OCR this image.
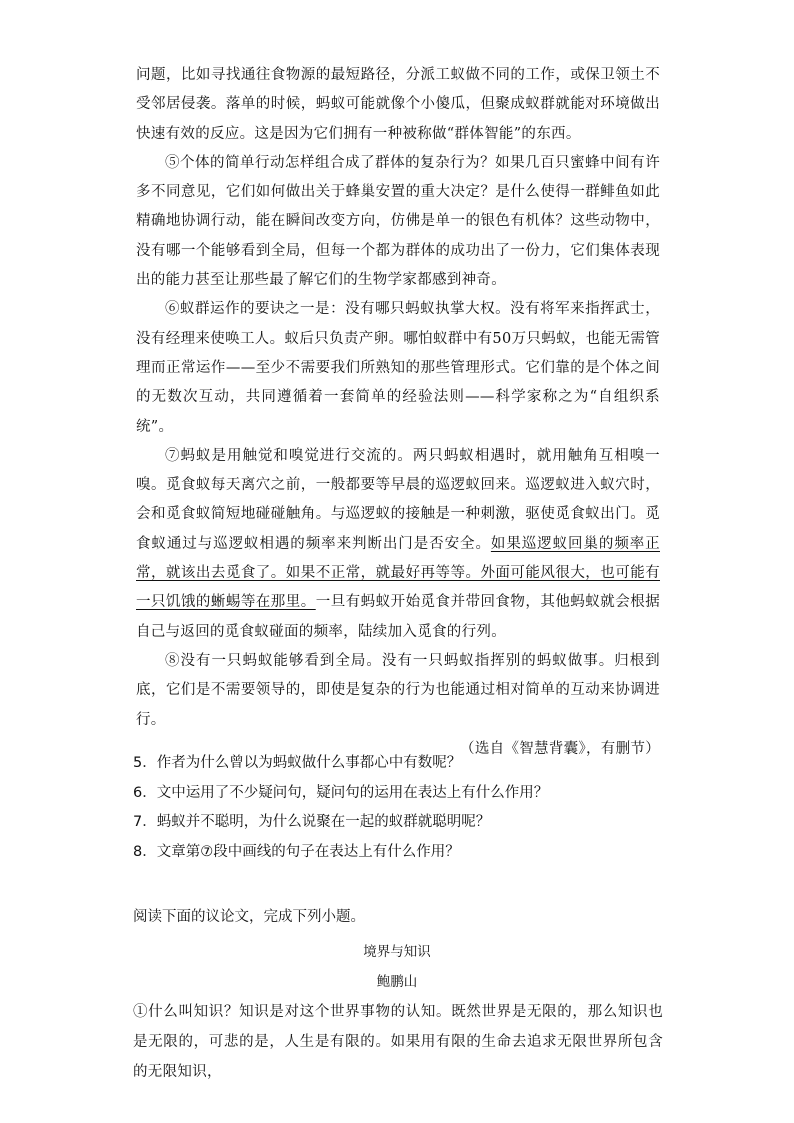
问题，比如寻找通往食物源的最短路径，分派工蚁做不同的工作，或保卫领土不受邻居侵袭。落单的时候，蚂蚁可能就像个小傻瓜，但聚成蚁群就能对环境做出快速有效的反应。这是因为它们拥有一种被称做“群体智能”的东西。

⑤个体的简单行动怎样组合成了群体的复杂行为？如果几百只蜜蜂中间有许多不同意见，它们如何做出关于蜂巢安置的重大决定？是什么使得一群鲱鱼如此精确地协调行动，能在瞬间改变方向，仿佛是单一的银色有机体？这些动物中，没有哪一个能够看到全局，但每一个都为群体的成功出了一份力，它们集体表现出的能力甚至让那些最了解它们的生物学家都感到神奇。

⑥蚁群运作的要诀之一是：没有哪只蚂蚁执掌大权。没有将军来指挥武士，没有经理来使唤工人。蚁后只负责产卵。哪怕蚁群中有50万只蚂蚁，也能无需管理而正常运作——至少不需要我们所熟知的那些管理形式。它们靠的是个体之间的无数次互动，共同遵循着一套简单的经验法则——科学家称之为“自组织系统”。

⑦蚂蚁是用触觉和嗅觉进行交流的。两只蚂蚁相遇时，就用触角互相嗅一嗅。觅食蚁每天离穴之前，一般都要等早晨的巡逻蚁回来。巡逻蚁进入蚁穴时，会和觅食蚁简短地碰碰触角。与巡逻蚁的接触是一种刺激，驱使觅食蚁出门。觅食蚁通过与巡逻蚁相遇的频率来判断出门是否安全。如果巡逻蚁回巢的频率正常，就该出去觅食了。如果不正常，就最好再等等。外面可能风很大，也可能有一只饥饿的蜥蜴等在那里。一旦有蚂蚁开始觅食并带回食物，其他蚂蚁就会根据自己与返回的觅食蚁碰面的频率，陆续加入觅食的行列。

⑧没有一只蚂蚁能够看到全局。没有一只蚂蚁指挥别的蚂蚁做事。归根到底，它们是不需要领导的，即使是复杂的行为也能通过相对简单的互动来协调进行。

（选自《智慧背囊》，有删节）

5．作者为什么曾以为蚂蚁做什么事都心中有数呢？
6．文中运用了不少疑问句，疑问句的运用在表达上有什么作用？
7．蚂蚁并不聪明，为什么说聚在一起的蚁群就聪明呢？
8．文章第⑦段中画线的句子在表达上有什么作用？
阅读下面的议论文，完成下列小题。
境界与知识
鲍鹏山

①什么叫知识？知识是对这个世界事物的认知。既然世界是无限的，那么知识也是无限的，可悲的是，人生是有限的。如果用有限的生命去追求无限世界所包含的无限知识，
